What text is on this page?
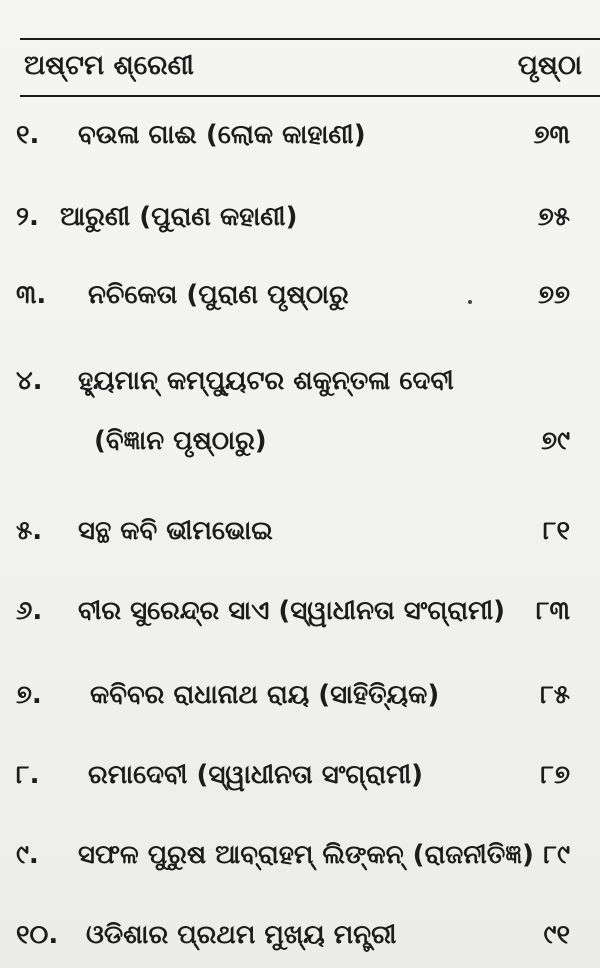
ଅଷ୍ଟମ ଶ୍ରେଣୀ	ପୃଷ୍ଠା
୧. ବଉଳା ଗାଈ (ଲୋକ କାହାଣୀ)	୭୩
୨. ଆରୁଣୀ (ପୁରାଣ କହାଣୀ)	୭୫
୩. ନଚିକେତା (ପୁରାଣ ପୃଷ୍ଠାରୁ	୭୭
୪. ହ୍ୟୁମାନ୍ କମ୍ପ୍ୟୁଟର ଶକୁନ୍ତଳା ଦେବୀ
(ବିଜ୍ଞାନ ପୃଷ୍ଠାରୁ)	୭୯
୫. ସନ୍ଥ କବି ଭୀମଭୋଇ	୮୧
୬. ବୀର ସୁରେନ୍ଦ୍ର ସାଏ (ସ୍ୱାଧୀନତା ସଂଗ୍ରାମୀ) ୮୩
୭. କବିବର ରାଧାନାଥ ରାୟ (ସାହିତ୍ୟିକ)	୮୫
୮. ରମାଦେବୀ (ସ୍ୱାଧୀନତା ସଂଗ୍ରାମୀ)	୮୭
୯. ସଫଳ ପୁରୁଷ ଆବ୍ରାହମ୍ ଲିଙ୍କନ୍ (ରାଜନୀତିଜ୍ଞ) ୮୯
୧୦. ଓଡିଶାର ପ୍ରଥମ ମୁଖ୍ୟ ମନ୍ତ୍ରୀ	୯୧
